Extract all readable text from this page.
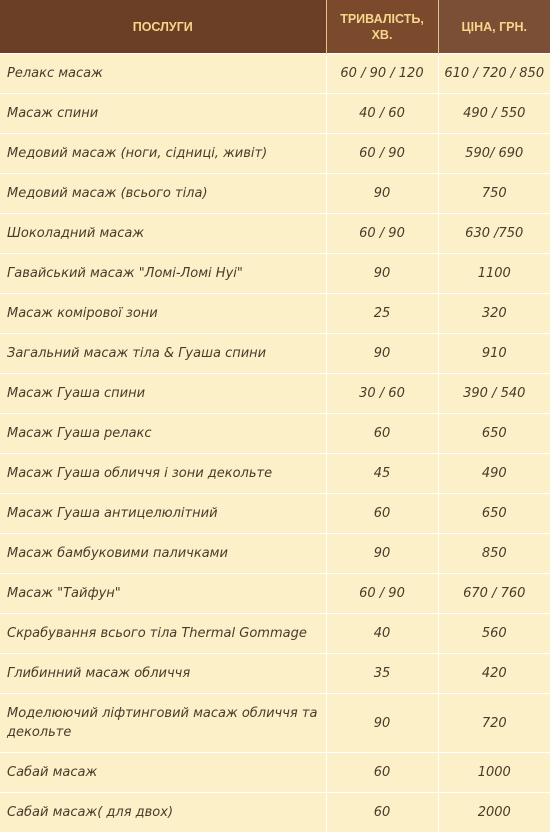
ПОСЛУГИ	ТРИВАЛІСТЬ, ХВ.	ЦІНА, ГРН.
Релакс масаж	60 / 90 / 120	610 / 720 / 850
Масаж спини	40 / 60	490 / 550
Медовий масаж (ноги, сідниці, живіт)	60 / 90	590/ 690
Медовий масаж (всього тіла)	90	750
Шоколадний масаж	60 / 90	630 /750
Гавайський масаж "Ломі-Ломі Нуі"	90	1100
Масаж комірової зони	25	320
Загальний масаж тіла & Гуаша спини	90	910
Масаж Гуаша спини	30 / 60	390 / 540
Масаж Гуаша релакс	60	650
Масаж Гуаша обличчя і зони декольте	45	490
Масаж Гуаша антицелюлітний	60	650
Масаж бамбуковими паличками	90	850
Масаж "Тайфун"	60 / 90	670 / 760
Скрабування всього тіла Thermal Gommage	40	560
Глибинний масаж обличчя	35	420
Моделюючий ліфтинговий масаж обличчя та декольте	90	720
Сабай масаж	60	1000
Сабай масаж( для двох)	60	2000
